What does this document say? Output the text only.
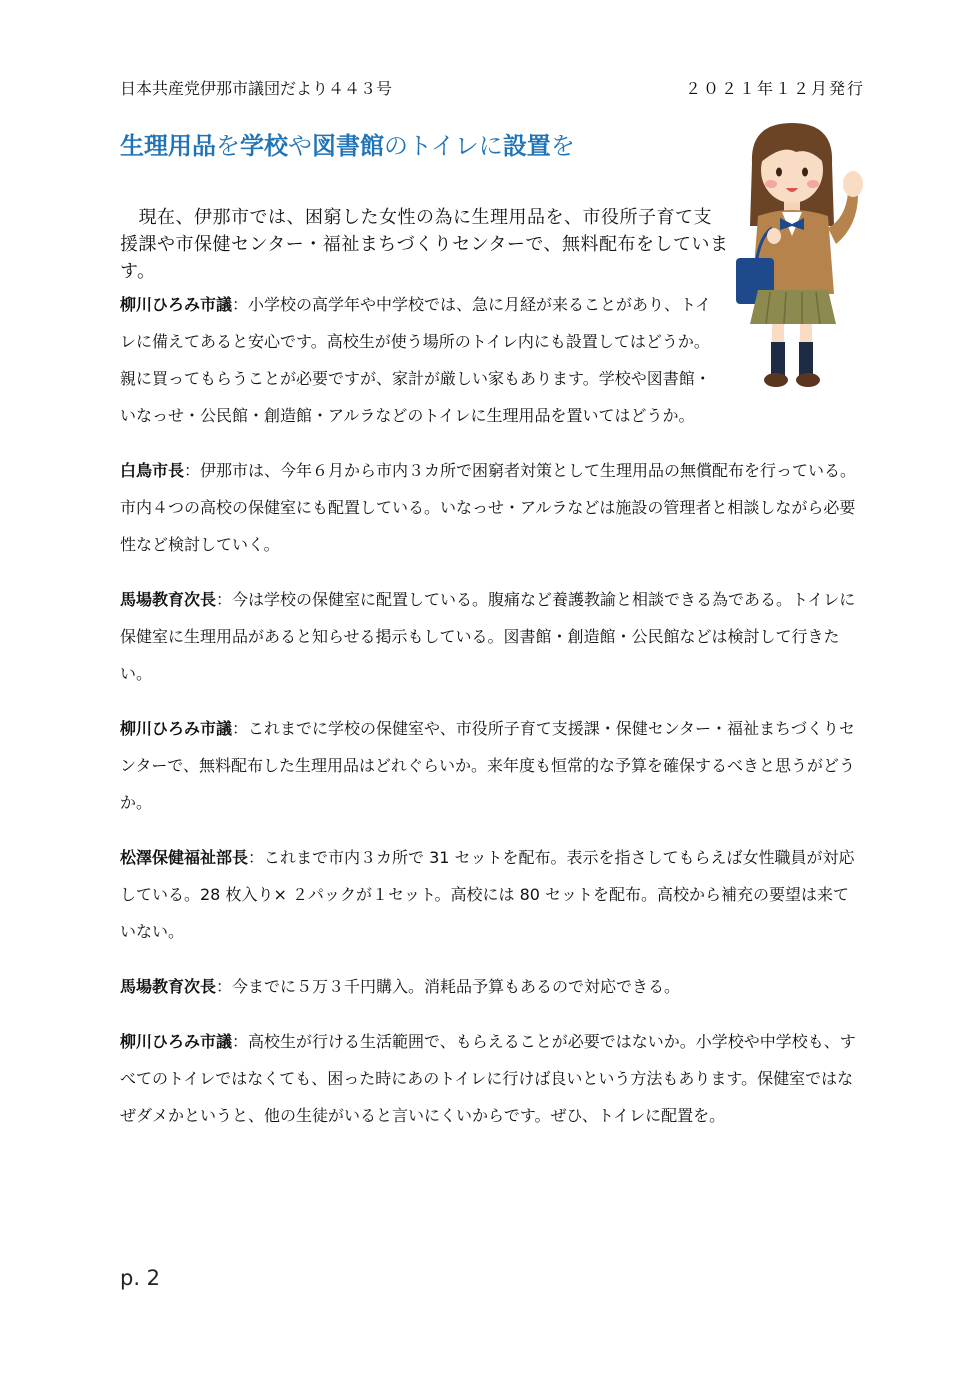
日本共産党伊那市議団だより４４３号	２０２１年１２月発行
生理用品を学校や図書館のトイレに設置を

　現在、伊那市では、困窮した女性の為に生理用品を、市役所子育て支援課や市保健センター・福祉まちづくりセンターで、無料配布をしています。

柳川ひろみ市議：小学校の高学年や中学校では、急に月経が来ることがあり、トイレに備えてあると安心です。高校生が使う場所のトイレ内にも設置してはどうか。親に買ってもらうことが必要ですが、家計が厳しい家もあります。学校や図書館・いなっせ・公民館・創造館・アルラなどのトイレに生理用品を置いてはどうか。

白鳥市長：伊那市は、今年６月から市内３カ所で困窮者対策として生理用品の無償配布を行っている。市内４つの高校の保健室にも配置している。いなっせ・アルラなどは施設の管理者と相談しながら必要性など検討していく。

馬場教育次長：今は学校の保健室に配置している。腹痛など養護教諭と相談できる為である。トイレに保健室に生理用品があると知らせる掲示もしている。図書館・創造館・公民館などは検討して行きたい。

柳川ひろみ市議：これまでに学校の保健室や、市役所子育て支援課・保健センター・福祉まちづくりセンターで、無料配布した生理用品はどれぐらいか。来年度も恒常的な予算を確保するべきと思うがどうか。

松澤保健福祉部長：これまで市内３カ所で 31 セットを配布。表示を指さしてもらえば女性職員が対応している。28 枚入り× ２パックが１セット。高校には 80 セットを配布。高校から補充の要望は来ていない。

馬場教育次長：今までに５万３千円購入。消耗品予算もあるので対応できる。

柳川ひろみ市議：高校生が行ける生活範囲で、もらえることが必要ではないか。小学校や中学校も、すべてのトイレではなくても、困った時にあのトイレに行けば良いという方法もあります。保健室ではなぜダメかというと、他の生徒がいると言いにくいからです。ぜひ、トイレに配置を。

p. 2
